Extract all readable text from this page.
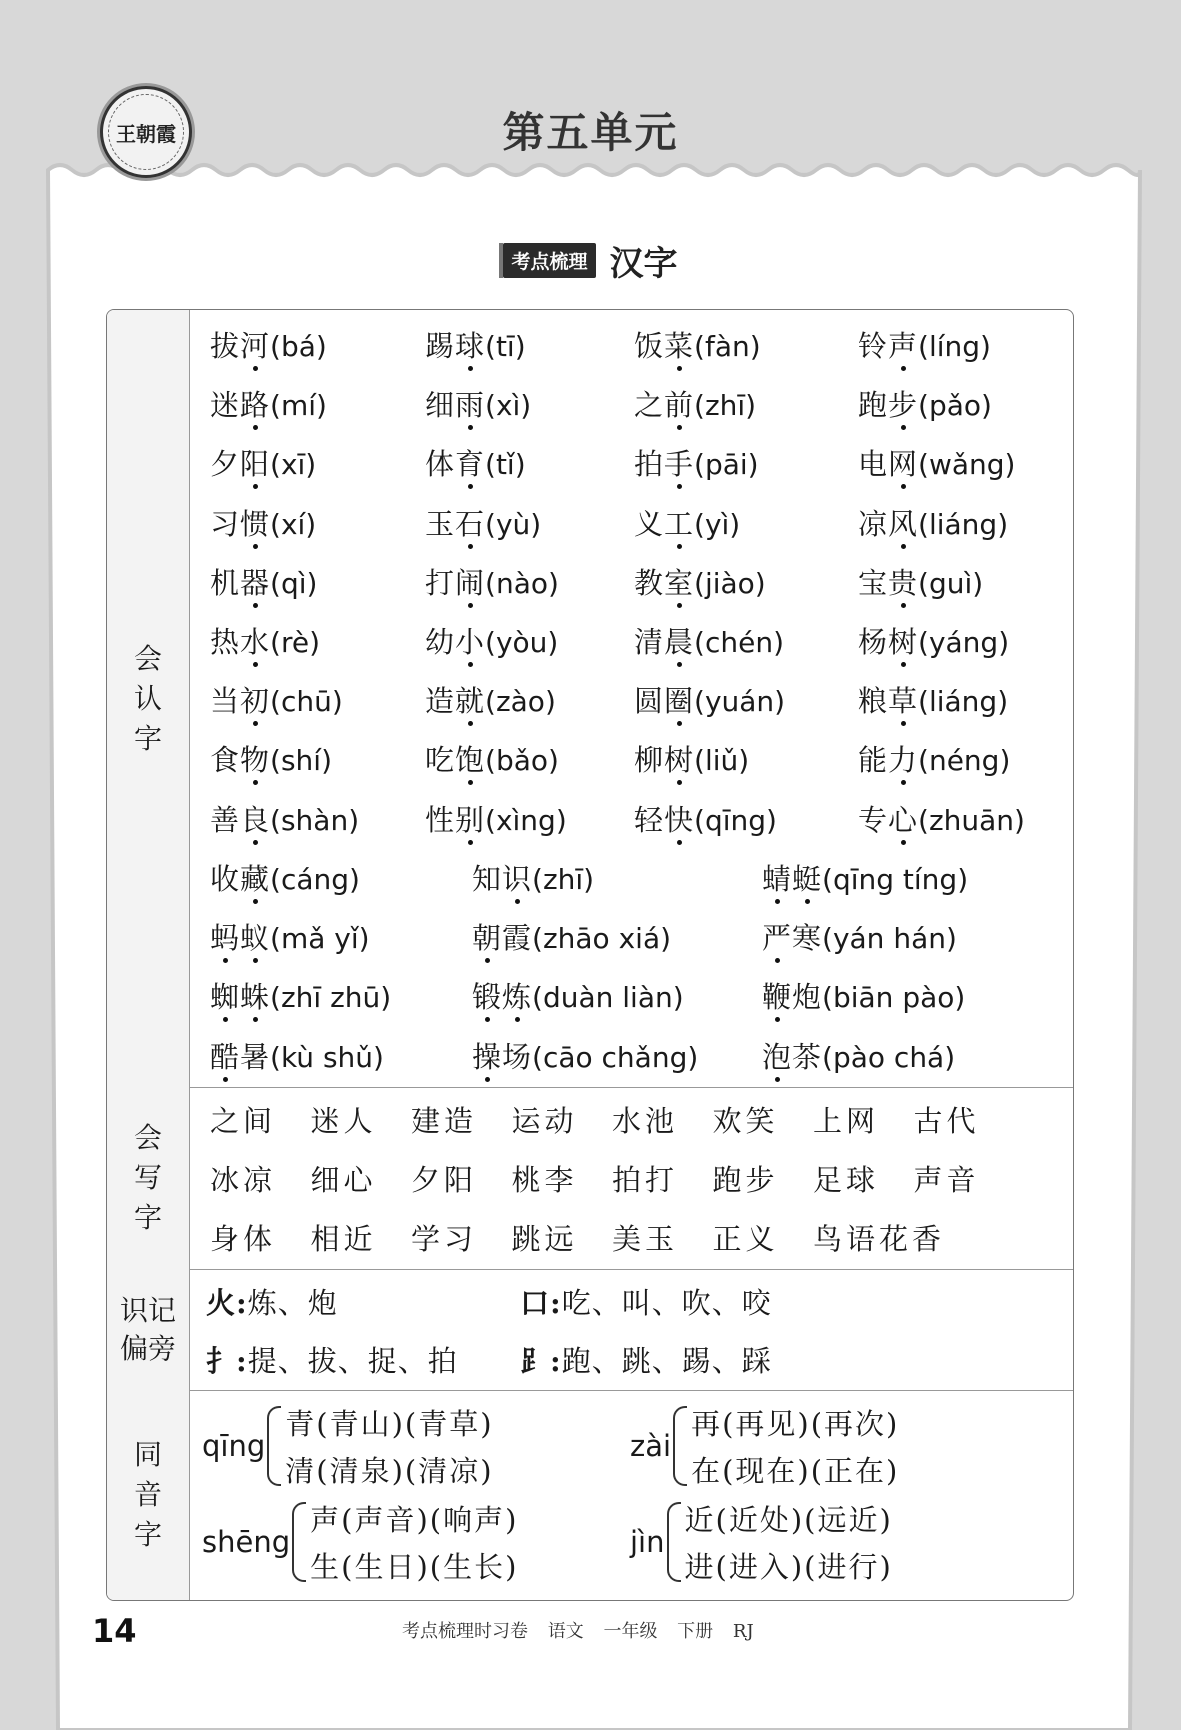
王朝霞	第五单元
考点梳理 汉字
会认字
拔河(bá)	踢球(tī)	饭菜(fàn)	铃声(líng)
迷路(mí)	细雨(xì)	之前(zhī)	跑步(pǎo)
夕阳(xī)	体育(tǐ)	拍手(pāi)	电网(wǎng)
习惯(xí)	玉石(yù)	义工(yì)	凉风(liáng)
机器(qì)	打闹(nào)	教室(jiào)	宝贵(guì)
热水(rè)	幼小(yòu)	清晨(chén)	杨树(yáng)
当初(chū)	造就(zào)	圆圈(yuán)	粮草(liáng)
食物(shí)	吃饱(bǎo)	柳树(liǔ)	能力(néng)
善良(shàn) 性别(xìng) 轻快(qīng)	专心(zhuān)
收藏(cáng)	知识(zhī)	蜻蜓(qīng tíng)
蚂蚁(mǎ yǐ)	朝霞(zhāo xiá)	严寒(yán hán)
蜘蛛(zhī zhū)	锻炼(duàn liàn)	鞭炮(biān pào)
酷暑(kù shǔ)	操场(cāo chǎng) 泡茶(pào chá)
会写字
之间 迷人 建造 运动 水池 欢笑 上网 古代
冰凉 细心 夕阳 桃李 拍打 跑步 足球 声音
身体 相近 学习 跳远 美玉 正义 鸟语花香
识记
偏旁
火:炼、炮	口:吃、叫、吹、咬
扌:提、拔、捉、拍 ⻊:跑、跳、踢、踩
同音字
qīng
青(青山)(青草)
清(清泉)(清凉)
zài
再(再见)(再次)
在(现在)(正在)
shēng
声(声音)(响声)
生(生日)(生长)
jìn
近(近处)(远近)
进(进入)(进行)
14	考点梳理时习卷 语文 一年级 下册 RJ
